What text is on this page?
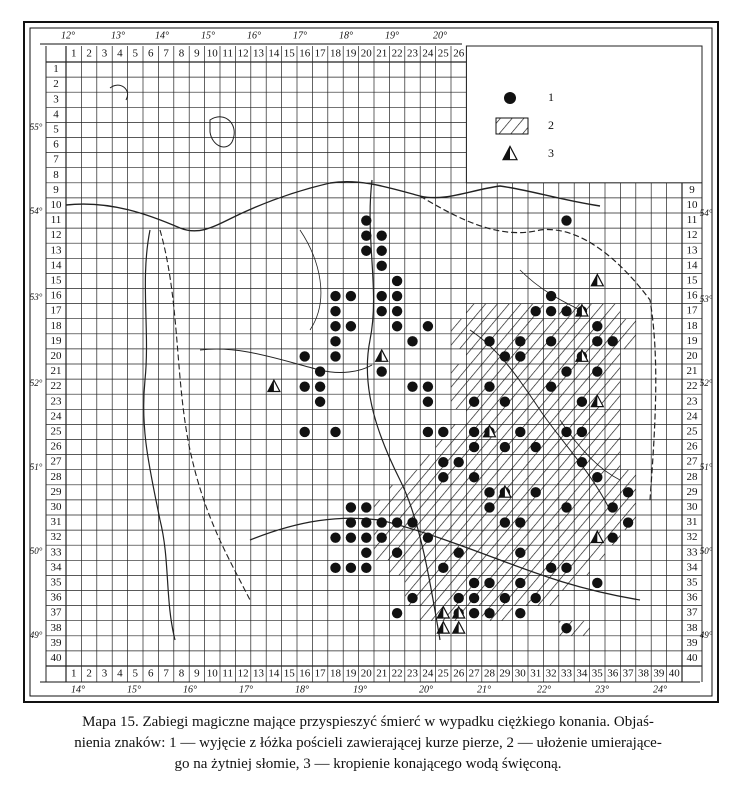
1 2 3 4 5 6 7 8 9 10 11 12 13 14 15 16 17 18 19 20 21 22 23 24 25 26
1 2 3 4 5 6 7 8 9 10 11 12 13 14 15 16 17 18 19 20 21 22 23 24 25 26 27 28 29 30 31 32 33 34 35 36 37 38 39 40
1
2
3
4
5
6
7
8
9
10
11
12
13
14
15
16
17
18
19
20
21
22
23
24
25
26
27
28
29
30
31
32
33
34
35
36
37
38
39
40
9
10
11
12
13
14
15
16
17
18
19
20
21
22
23
24
25
26
27
28
29
30
31
32
33
34
35
36
37
38
39
40
12°	13°	14°	15°	16°	17°	18°	19°	20°
14°	15°	16°	17°	18°	19°	20°	21°	22°	23°	24°
55°
54°
53°
52°
51°
50°
49°
54°
53°
52°
51°
50°
49°
1
2
3
Mapa 15. Zabiegi magiczne mające przyspieszyć śmierć w wypadku ciężkiego konania. Objaś-
nienia znaków: 1 — wyjęcie z łóżka pościeli zawierającej kurze pierze, 2 — ułożenie umierające-
go na żytniej słomie, 3 — kropienie konającego wodą święconą.
